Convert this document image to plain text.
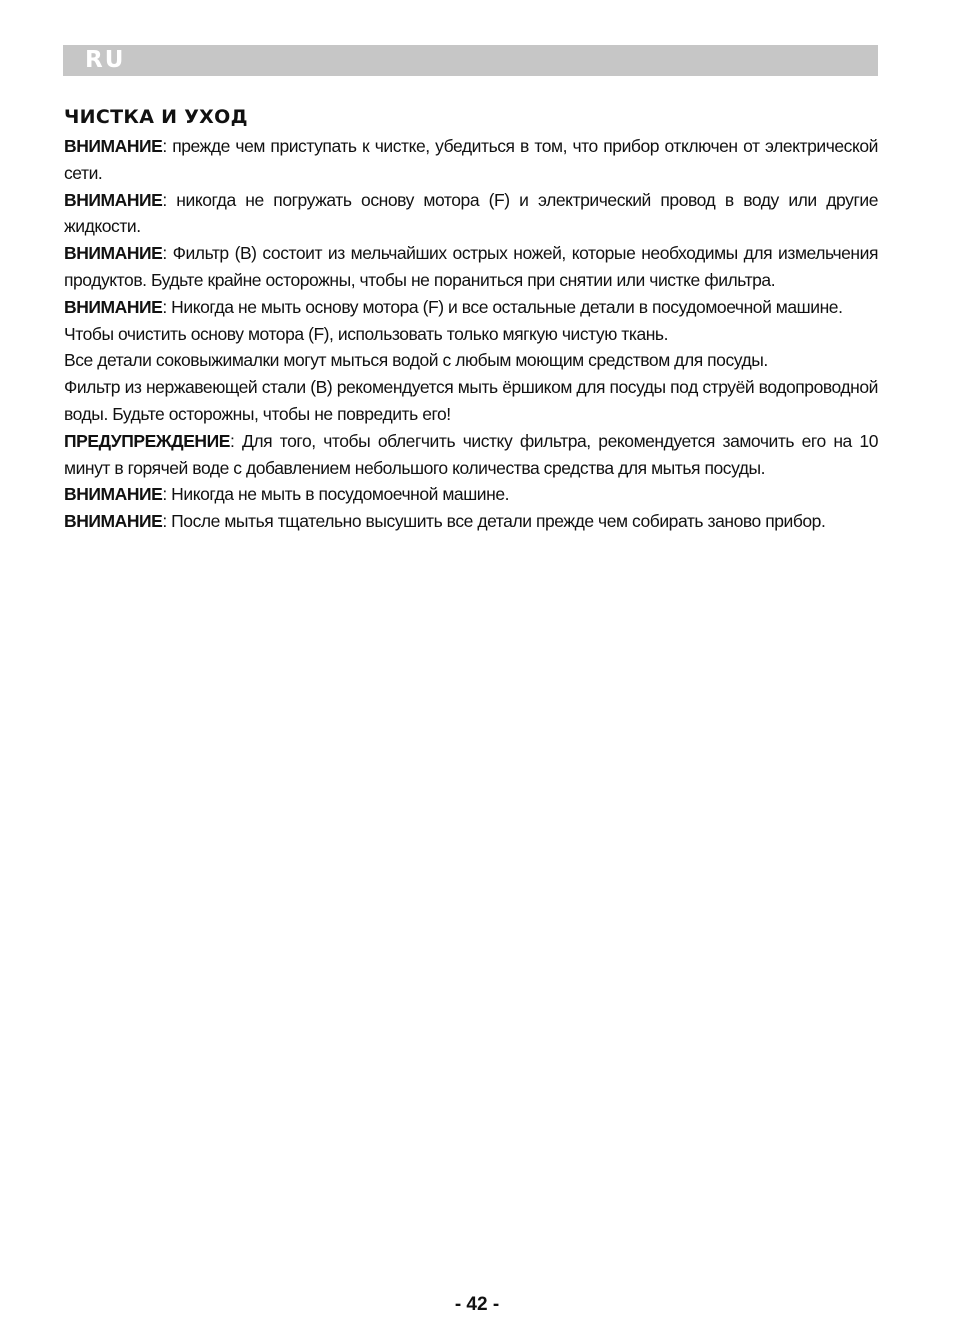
RU
ЧИСТКА И УХОД

ВНИМАНИЕ: прежде чем приступать к чистке, убедиться в том, что прибор отключен от электрической сети.

ВНИМАНИЕ: никогда не погружать основу мотора (F) и электрический провод в воду или другие жидкости.

ВНИМАНИЕ: Фильтр (B) состоит из мельчайших острых ножей, которые необходимы для измельчения продуктов. Будьте крайне осторожны, чтобы не пораниться при снятии или чистке фильтра.

ВНИМАНИЕ: Никогда не мыть основу мотора (F) и все остальные детали в посудомоечной машине.

Чтобы очистить основу мотора (F), использовать только мягкую чистую ткань.

Все детали соковыжималки могут мыться водой с любым моющим средством для посуды.

Фильтр из нержавеющей стали (B) рекомендуется мыть ёршиком для посуды под струёй водопроводной воды. Будьте осторожны, чтобы не повредить его!

ПРЕДУПРЕЖДЕНИЕ: Для того, чтобы облегчить чистку фильтра, рекомендуется замочить его на 10 минут в горячей воде с добавлением небольшого количества средства для мытья посуды.

ВНИМАНИЕ: Никогда не мыть в посудомоечной машине.

ВНИМАНИЕ: После мытья тщательно высушить все детали прежде чем собирать заново прибор.

- 42 -
